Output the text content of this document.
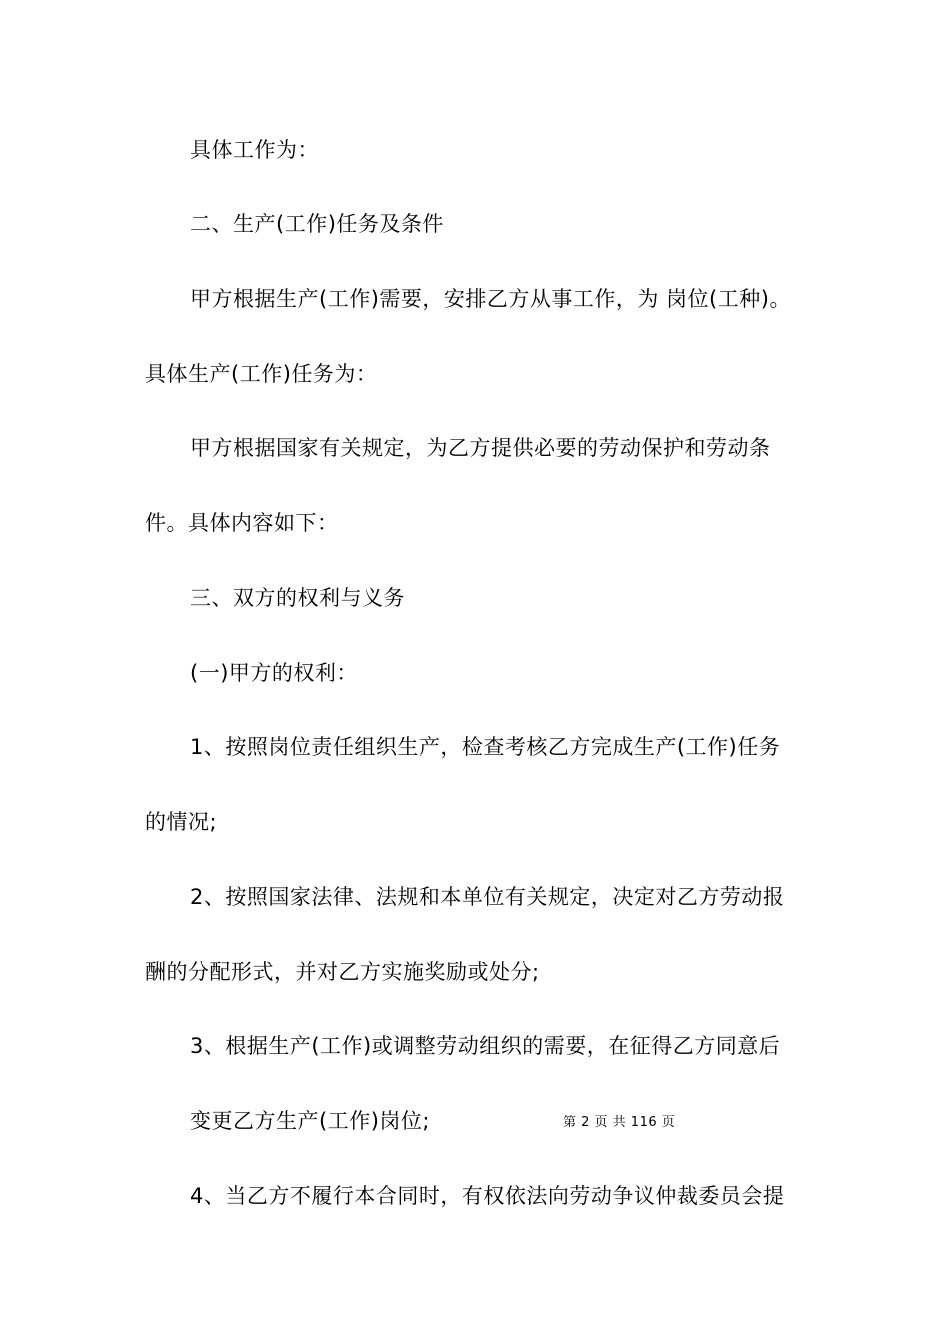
具体工作为：
二、生产(工作)任务及条件
甲方根据生产(工作)需要，安排乙方从事工作，为 岗位(工种)。
具体生产(工作)任务为：
甲方根据国家有关规定，为乙方提供必要的劳动保护和劳动条
件。具体内容如下：
三、双方的权利与义务
(一)甲方的权利：
1、按照岗位责任组织生产，检查考核乙方完成生产(工作)任务
的情况;
2、按照国家法律、法规和本单位有关规定，决定对乙方劳动报
酬的分配形式，并对乙方实施奖励或处分;
3、根据生产(工作)或调整劳动组织的需要，在征得乙方同意后
变更乙方生产(工作)岗位;	第 2 页 共 116 页
4、当乙方不履行本合同时，有权依法向劳动争议仲裁委员会提
